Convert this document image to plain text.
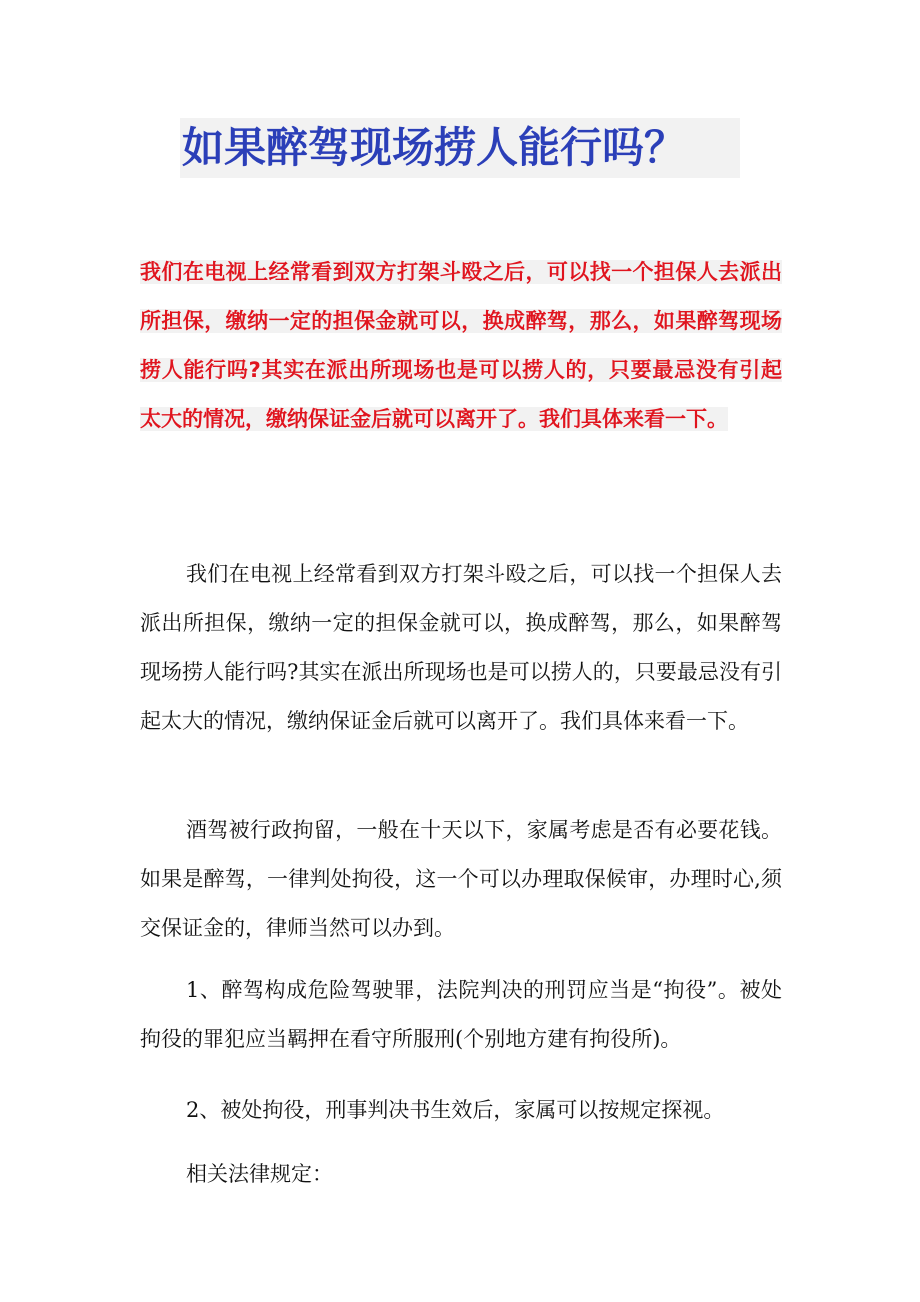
如果醉驾现场捞人能行吗？

我们在电视上经常看到双方打架斗殴之后，可以找一个担保人去派出所担保，缴纳一定的担保金就可以，换成醉驾，那么，如果醉驾现场捞人能行吗?其实在派出所现场也是可以捞人的，只要最忌没有引起太大的情况，缴纳保证金后就可以离开了。我们具体来看一下。

我们在电视上经常看到双方打架斗殴之后，可以找一个担保人去派出所担保，缴纳一定的担保金就可以，换成醉驾，那么，如果醉驾现场捞人能行吗?其实在派出所现场也是可以捞人的，只要最忌没有引起太大的情况，缴纳保证金后就可以离开了。我们具体来看一下。

酒驾被行政拘留，一般在十天以下，家属考虑是否有必要花钱。如果是醉驾，一律判处拘役，这一个可以办理取保候审，办理时心,须交保证金的，律师当然可以办到。

1、醉驾构成危险驾驶罪，法院判决的刑罚应当是“拘役”。被处拘役的罪犯应当羁押在看守所服刑(个别地方建有拘役所)。

2、被处拘役，刑事判决书生效后，家属可以按规定探视。

相关法律规定：
